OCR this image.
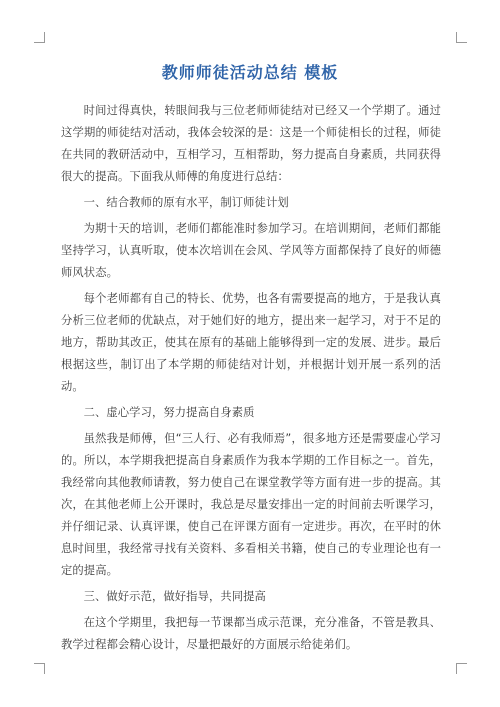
教师师徒活动总结 模板

时间过得真快，转眼间我与三位老师师徒结对已经又一个学期了。通过这学期的师徒结对活动，我体会较深的是：这是一个师徒相长的过程，师徒在共同的教研活动中，互相学习，互相帮助，努力提高自身素质，共同获得很大的提高。下面我从师傅的角度进行总结：

一、结合教师的原有水平，制订师徒计划

为期十天的培训，老师们都能准时参加学习。在培训期间，老师们都能坚持学习，认真听取，使本次培训在会风、学风等方面都保持了良好的师德师风状态。

每个老师都有自己的特长、优势，也各有需要提高的地方，于是我认真分析三位老师的优缺点，对于她们好的地方，提出来一起学习，对于不足的地方，帮助其改正，使其在原有的基础上能够得到一定的发展、进步。最后根据这些，制订出了本学期的师徒结对计划，并根据计划开展一系列的活动。

二、虚心学习，努力提高自身素质

虽然我是师傅，但“三人行、必有我师焉”，很多地方还是需要虚心学习的。所以，本学期我把提高自身素质作为我本学期的工作目标之一。首先，我经常向其他教师请教，努力使自己在课堂教学等方面有进一步的提高。其次，在其他老师上公开课时，我总是尽量安排出一定的时间前去听课学习，并仔细记录、认真评课，使自己在评课方面有一定进步。再次，在平时的休息时间里，我经常寻找有关资料、多看相关书籍，使自己的专业理论也有一定的提高。

三、做好示范，做好指导，共同提高

在这个学期里，我把每一节课都当成示范课，充分准备，不管是教具、教学过程都会精心设计，尽量把最好的方面展示给徒弟们。
